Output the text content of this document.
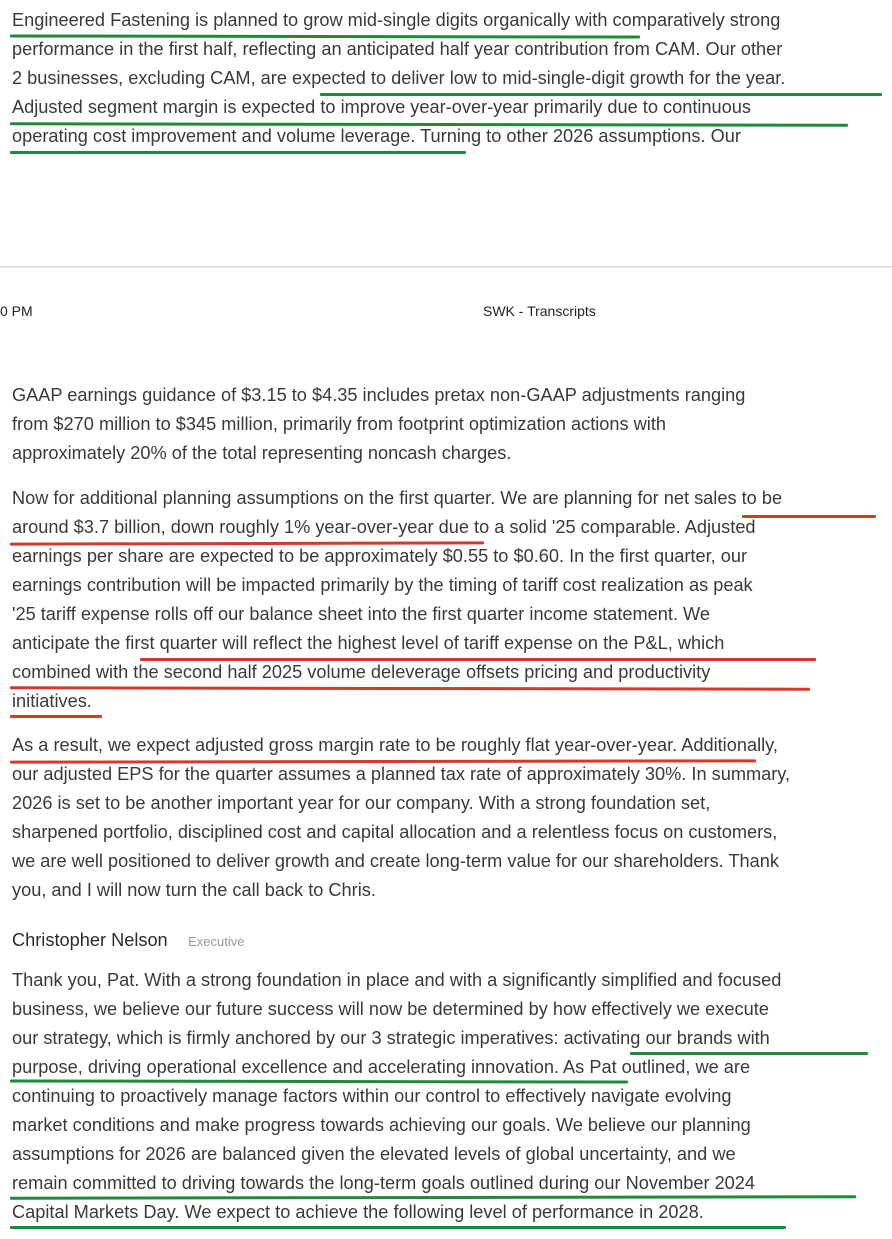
Engineered Fastening is planned to grow mid-single digits organically with comparatively strong
performance in the first half, reflecting an anticipated half year contribution from CAM. Our other
2 businesses, excluding CAM, are expected to deliver low to mid-single-digit growth for the year.
Adjusted segment margin is expected to improve year-over-year primarily due to continuous
operating cost improvement and volume leverage. Turning to other 2026 assumptions. Our
0 PM	SWK - Transcripts
GAAP earnings guidance of $3.15 to $4.35 includes pretax non-GAAP adjustments ranging
from $270 million to $345 million, primarily from footprint optimization actions with
approximately 20% of the total representing noncash charges.
Now for additional planning assumptions on the first quarter. We are planning for net sales to be
around $3.7 billion, down roughly 1% year-over-year due to a solid '25 comparable. Adjusted
earnings per share are expected to be approximately $0.55 to $0.60. In the first quarter, our
earnings contribution will be impacted primarily by the timing of tariff cost realization as peak
'25 tariff expense rolls off our balance sheet into the first quarter income statement. We
anticipate the first quarter will reflect the highest level of tariff expense on the P&L, which
combined with the second half 2025 volume deleverage offsets pricing and productivity
initiatives.
As a result, we expect adjusted gross margin rate to be roughly flat year-over-year. Additionally,
our adjusted EPS for the quarter assumes a planned tax rate of approximately 30%. In summary,
2026 is set to be another important year for our company. With a strong foundation set,
sharpened portfolio, disciplined cost and capital allocation and a relentless focus on customers,
we are well positioned to deliver growth and create long-term value for our shareholders. Thank
you, and I will now turn the call back to Chris.
Christopher Nelson Executive
Thank you, Pat. With a strong foundation in place and with a significantly simplified and focused
business, we believe our future success will now be determined by how effectively we execute
our strategy, which is firmly anchored by our 3 strategic imperatives: activating our brands with
purpose, driving operational excellence and accelerating innovation. As Pat outlined, we are
continuing to proactively manage factors within our control to effectively navigate evolving
market conditions and make progress towards achieving our goals. We believe our planning
assumptions for 2026 are balanced given the elevated levels of global uncertainty, and we
remain committed to driving towards the long-term goals outlined during our November 2024
Capital Markets Day. We expect to achieve the following level of performance in 2028.
